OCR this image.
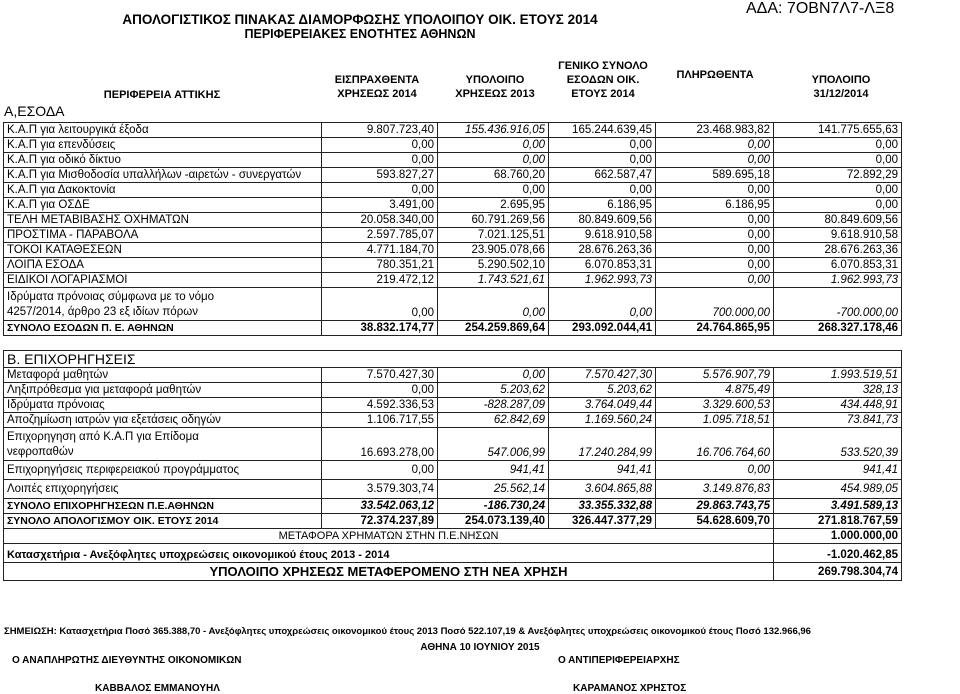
ΑΔΑ: 7ΟΒΝ7Λ7-ΛΞ8
ΑΠΟΛΟΓΙΣΤΙΚΟΣ ΠΙΝΑΚΑΣ ΔΙΑΜΟΡΦΩΣΗΣ ΥΠΟΛΟΙΠΟΥ ΟΙΚ. ΕΤΟΥΣ 2014
ΠΕΡΙΦΕΡΕΙΑΚΕΣ ΕΝΟΤΗΤΕΣ ΑΘΗΝΩΝ
ΠΕΡΙΦΕΡΕΙΑ ΑΤΤΙΚΗΣ
ΕΙΣΠΡΑΧΘΕΝΤΑ
ΧΡΗΣΕΩΣ 2014
ΥΠΟΛΟΙΠΟ
ΧΡΗΣΕΩΣ 2013
ΓΕΝΙΚΟ ΣΥΝΟΛΟ
ΕΣΟΔΩΝ ΟΙΚ.
ΕΤΟΥΣ 2014
ΠΛΗΡΩΘΕΝΤΑ	ΥΠΟΛΟΙΠΟ
31/12/2014
Α,ΕΣΟΔΑ
Κ.Α.Π για λειτουργικά έξοδα	9.807.723,40	155.436.916,05	165.244.639,45	23.468.983,82	141.775.655,63
Κ.Α.Π για επενδύσεις	0,00	0,00	0,00	0,00	0,00
Κ.Α.Π για οδικό δίκτυο	0,00	0,00	0,00	0,00	0,00
Κ.Α.Π για Μισθοδοσία υπαλλήλων -αιρετών - συνεργατών	593.827,27	68.760,20	662.587,47	589.695,18	72.892,29
Κ.Α.Π για Δακοκτονία	0,00	0,00	0,00	0,00	0,00
Κ.Α.Π για ΟΣΔΕ	3.491,00	2.695,95	6.186,95	6.186,95	0,00
ΤΕΛΗ ΜΕΤΑΒΙΒΑΣΗΣ ΟΧΗΜΑΤΩΝ	20.058.340,00	60.791.269,56	80.849.609,56	0,00	80.849.609,56
ΠΡΟΣΤΙΜΑ - ΠΑΡΑΒΟΛΑ	2.597.785,07	7.021.125,51	9.618.910,58	0,00	9.618.910,58
ΤΟΚΟΙ ΚΑΤΑΘΕΣΕΩΝ	4.771.184,70	23.905.078,66	28.676.263,36	0,00	28.676.263,36
ΛΟΙΠΑ ΕΣΟΔΑ	780.351,21	5.290.502,10	6.070.853,31	0,00	6.070.853,31
ΕΙΔΙΚΟΙ ΛΟΓΑΡΙΑΣΜΟΙ	219.472,12	1.743.521,61	1.962.993,73	0,00	1.962.993,73

Ιδρύματα πρόνοιας σύμφωνα με το νόμο
4257/2014, άρθρο 23 εξ ιδίων πόρων	0,00	0,00	0,00	700.000,00	-700.000,00
ΣΥΝΟΛΟ ΕΣΟΔΩΝ Π. Ε. ΑΘΗΝΩΝ	38.832.174,77	254.259.869,64	293.092.044,41	24.764.865,95	268.327.178,46

Β. ΕΠΙΧΟΡΗΓΗΣΕΙΣ					
Μεταφορά μαθητών	7.570.427,30	0,00	7.570.427,30	5.576.907,79	1.993.519,51
Ληξιπρόθεσμα για μεταφορά μαθητών	0,00	5.203,62	5.203,62	4.875,49	328,13
Ιδρύματα πρόνοιας	4.592.336,53	-828.287,09	3.764.049,44	3.329.600,53	434.448,91
Αποζημίωση ιατρών για εξετάσεις οδηγών	1.106.717,55	62.842,69	1.169.560,24	1.095.718,51	73.841,73

Επιχορηγηση από Κ.Α.Π για Επίδομα
νεφροπαθών	16.693.278,00	547.006,99	17.240.284,99	16.706.764,60	533.520,39
Επιχορηγήσεις περιφερειακού προγράμματος	0,00	941,41	941,41	0,00	941,41
Λοιπές επιχορηγήσεις	3.579.303,74	25.562,14	3.604.865,88	3.149.876,83	454.989,05
ΣΥΝΟΛΟ ΕΠΙΧΟΡΗΓΗΣΕΩΝ Π.Ε.ΑΘΗΝΩΝ	33.542.063,12	-186.730,24	33.355.332,88	29.863.743,75	3.491.589,13
ΣΥΝΟΛΟ ΑΠΟΛΟΓΙΣΜΟΥ ΟΙΚ. ΕΤΟΥΣ 2014	72.374.237,89	254.073.139,40	326.447.377,29	54.628.609,70	271.818.767,59
ΜΕΤΑΦΟΡΑ ΧΡΗΜΑΤΩΝ ΣΤΗΝ Π.Ε.ΝΗΣΩΝ					1.000.000,00
Κατασχετήρια - Ανεξόφλητες υποχρεώσεις οικονομικού έτους 2013 - 2014					-1.020.462,85
ΥΠΟΛΟΙΠΟ ΧΡΗΣΕΩΣ ΜΕΤΑΦΕΡΟΜΕΝΟ ΣΤΗ ΝΕΑ ΧΡΗΣΗ					269.798.304,74
ΣΗΜΕΙΩΣΗ: Κατασχετήρια Ποσό 365.388,70 - Ανεξόφλητες υποχρεώσεις οικονομικού έτους 2013 Ποσό 522.107,19 & Ανεξόφλητες υποχρεώσεις οικονομικού έτους Ποσό 132.966,96
ΑΘΗΝΑ 10 ΙΟΥΝΙΟΥ 2015
Ο ΑΝΑΠΛΗΡΩΤΗΣ ΔΙΕΥΘΥΝΤΗΣ ΟΙΚΟΝΟΜΙΚΩΝ
ΚΑΒΒΑΛΟΣ ΕΜΜΑΝΟΥΗΛ
Ο ΑΝΤΙΠΕΡΙΦΕΡΕΙΑΡΧΗΣ
ΚΑΡΑΜΑΝΟΣ ΧΡΗΣΤΟΣ
